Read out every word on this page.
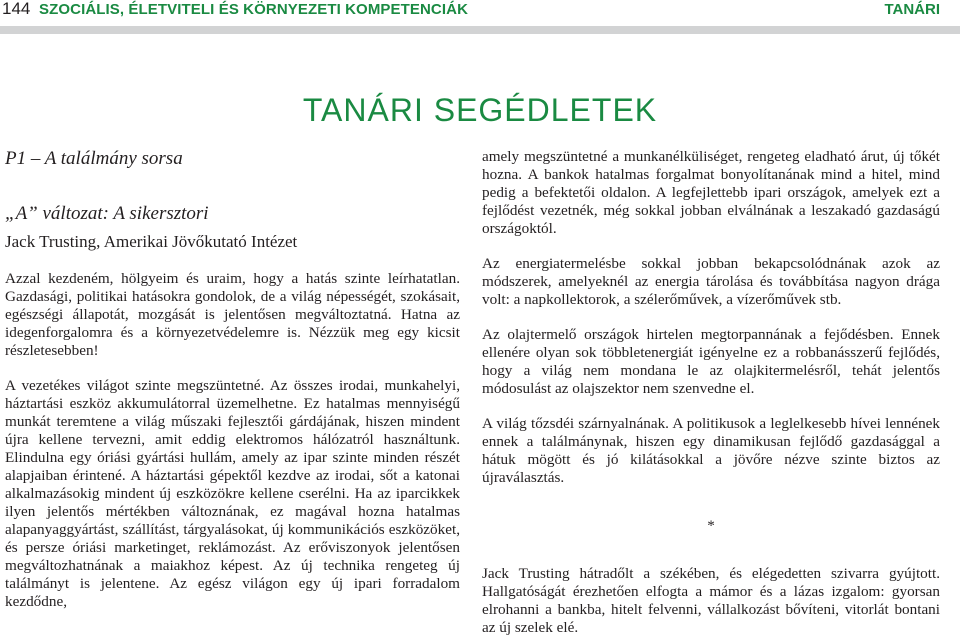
144 SZOCIÁLIS, ÉLETVITELI ÉS KÖRNYEZETI KOMPETENCIÁK	TANÁRI
TANÁRI SEGÉDLETEK

P1 – A találmány sorsa

„A” változat: A sikersztori

Jack Trusting, Amerikai Jövőkutató Intézet

Azzal kezdeném, hölgyeim és uraim, hogy a hatás szinte leírhatatlan. Gazdasági, politikai hatásokra gondolok, de a világ népességét, szokásait, egészségi állapotát, mozgását is jelentősen megváltoztatná. Hatna az idegenforgalomra és a környezetvédelemre is. Nézzük meg egy kicsit részletesebben!

A vezetékes világot szinte megszüntetné. Az összes irodai, munkahelyi, háztartási eszköz akkumulátorral üzemelhetne. Ez hatalmas mennyiségű munkát teremtene a világ műszaki fejlesztői gárdájának, hiszen mindent újra kellene tervezni, amit eddig elektromos hálózatról használtunk. Elindulna egy óriási gyártási hullám, amely az ipar szinte minden részét alapjaiban érintené. A háztartási gépektől kezdve az irodai, sőt a katonai alkalmazásokig mindent új eszközökre kellene cserélni. Ha az iparcikkek ilyen jelentős mértékben változnának, ez magával hozna hatalmas alapanyaggyártást, szállítást, tárgyalásokat, új kommunikációs eszközöket, és persze óriási marketinget, reklámozást. Az erőviszonyok jelentősen megváltozhatnának a maiakhoz képest. Az új technika rengeteg új találmányt is jelentene. Az egész világon egy új ipari forradalom kezdődne,

amely megszüntetné a munkanélküliséget, rengeteg eladható árut, új tőkét hozna. A bankok hatalmas forgalmat bonyolítanának mind a hitel, mind pedig a befektetői oldalon. A legfejlettebb ipari országok, amelyek ezt a fejlődést vezetnék, még sokkal jobban elválnának a leszakadó gazdaságú országoktól.

Az energiatermelésbe sokkal jobban bekapcsolódnának azok az módszerek, amelyeknél az energia tárolása és továbbítása nagyon drága volt: a napkollektorok, a szélerőművek, a vízerőművek stb.

Az olajtermelő országok hirtelen megtorpannának a fejődésben. Ennek ellenére olyan sok többletenergiát igényelne ez a robbanásszerű fejlődés, hogy a világ nem mondana le az olajkitermelésről, tehát jelentős módosulást az olajszektor nem szenvedne el.

A világ tőzsdéi szárnyalnának. A politikusok a leglelkesebb hívei lennének ennek a találmánynak, hiszen egy dinamikusan fejlődő gazdasággal a hátuk mögött és jó kilátásokkal a jövőre nézve szinte biztos az újraválasztás.

*

Jack Trusting hátradőlt a székében, és elégedetten szivarra gyújtott. Hallgatóságát érezhetően elfogta a mámor és a lázas izgalom: gyorsan elrohanni a bankba, hitelt felvenni, vállalkozást bővíteni, vitorlát bontani az új szelek elé.
